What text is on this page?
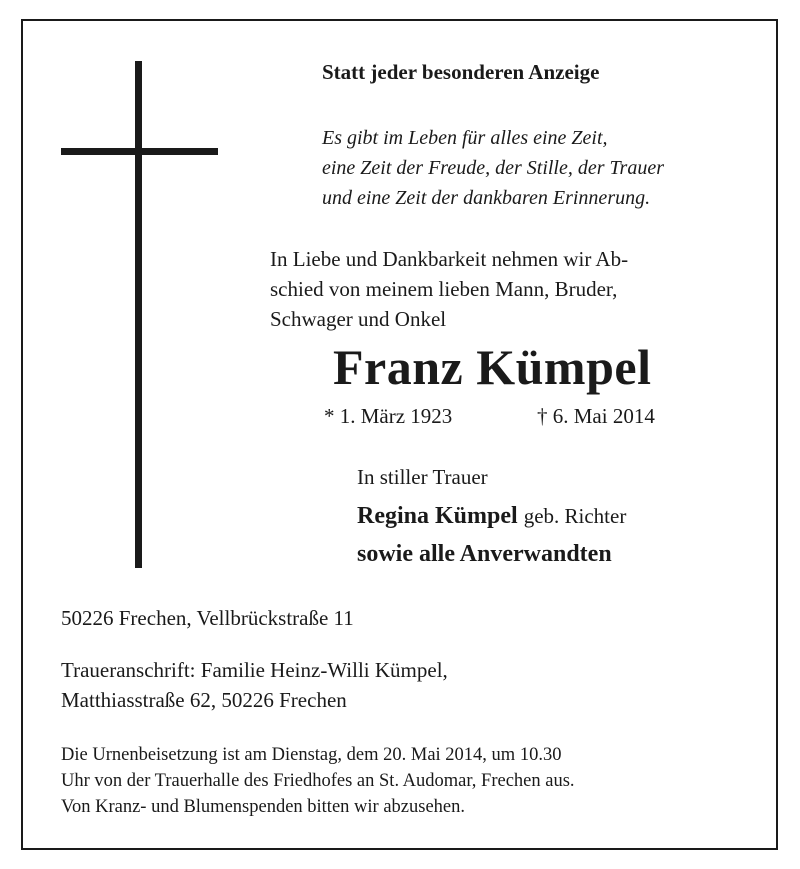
Statt jeder besonderen Anzeige

Es gibt im Leben für alles eine Zeit,
eine Zeit der Freude, der Stille, der Trauer
und eine Zeit der dankbaren Erinnerung.

In Liebe und Dankbarkeit nehmen wir Ab-
schied von meinem lieben Mann, Bruder,
Schwager und Onkel

Franz Kümpel

* 1. März 1923	† 6. Mai 2014

In stiller Trauer

Regina Kümpel geb. Richter

sowie alle Anverwandten

50226 Frechen, Vellbrückstraße 11

Traueranschrift: Familie Heinz-Willi Kümpel,
Matthiasstraße 62, 50226 Frechen

Die Urnenbeisetzung ist am Dienstag, dem 20. Mai 2014, um 10.30
Uhr von der Trauerhalle des Friedhofes an St. Audomar, Frechen aus.
Von Kranz- und Blumenspenden bitten wir abzusehen.
